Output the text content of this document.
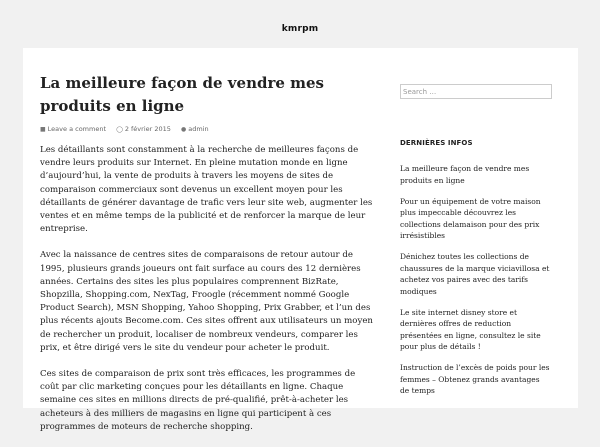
kmrpm
La meilleure façon de vendre mes produits en ligne
■ Leave a comment ◯ 2 février 2015 ● admin

Les détaillants sont constamment à la recherche de meilleures façons de vendre leurs produits sur Internet. En pleine mutation monde en ligne d’aujourd’hui, la vente de produits à travers les moyens de sites de comparaison commerciaux sont devenus un excellent moyen pour les détaillants de générer davantage de trafic vers leur site web, augmenter les ventes et en même temps de la publicité et de renforcer la marque de leur entreprise.

Avec la naissance de centres sites de comparaisons de retour autour de 1995, plusieurs grands joueurs ont fait surface au cours des 12 dernières années. Certains des sites les plus populaires comprennent BizRate, Shopzilla, Shopping.com, NexTag, Froogle (récemment nommé Google Product Search), MSN Shopping, Yahoo Shopping, Prix Grabber, et l’un des plus récents ajouts Become.com. Ces sites offrent aux utilisateurs un moyen de rechercher un produit, localiser de nombreux vendeurs, comparer les prix, et être dirigé vers le site du vendeur pour acheter le produit.

Ces sites de comparaison de prix sont très efficaces, les programmes de coût par clic marketing conçues pour les détaillants en ligne. Chaque semaine ces sites en millions directs de pré-qualifié, prêt-à-acheter les acheteurs à des milliers de magasins en ligne qui participent à ces programmes de moteurs de recherche shopping.

Search …
DERNIÈRES INFOS
La meilleure façon de vendre mes produits en ligne
Pour un équipement de votre maison plus impeccable découvrez les collections delamaison pour des prix irrésistibles
Dénichez toutes les collections de chaussures de la marque viciavillosa et achetez vos paires avec des tarifs modiques
Le site internet disney store et dernières offres de reduction présentées en ligne, consultez le site pour plus de détails !
Instruction de l’excès de poids pour les femmes – Obtenez grands avantages de temps
